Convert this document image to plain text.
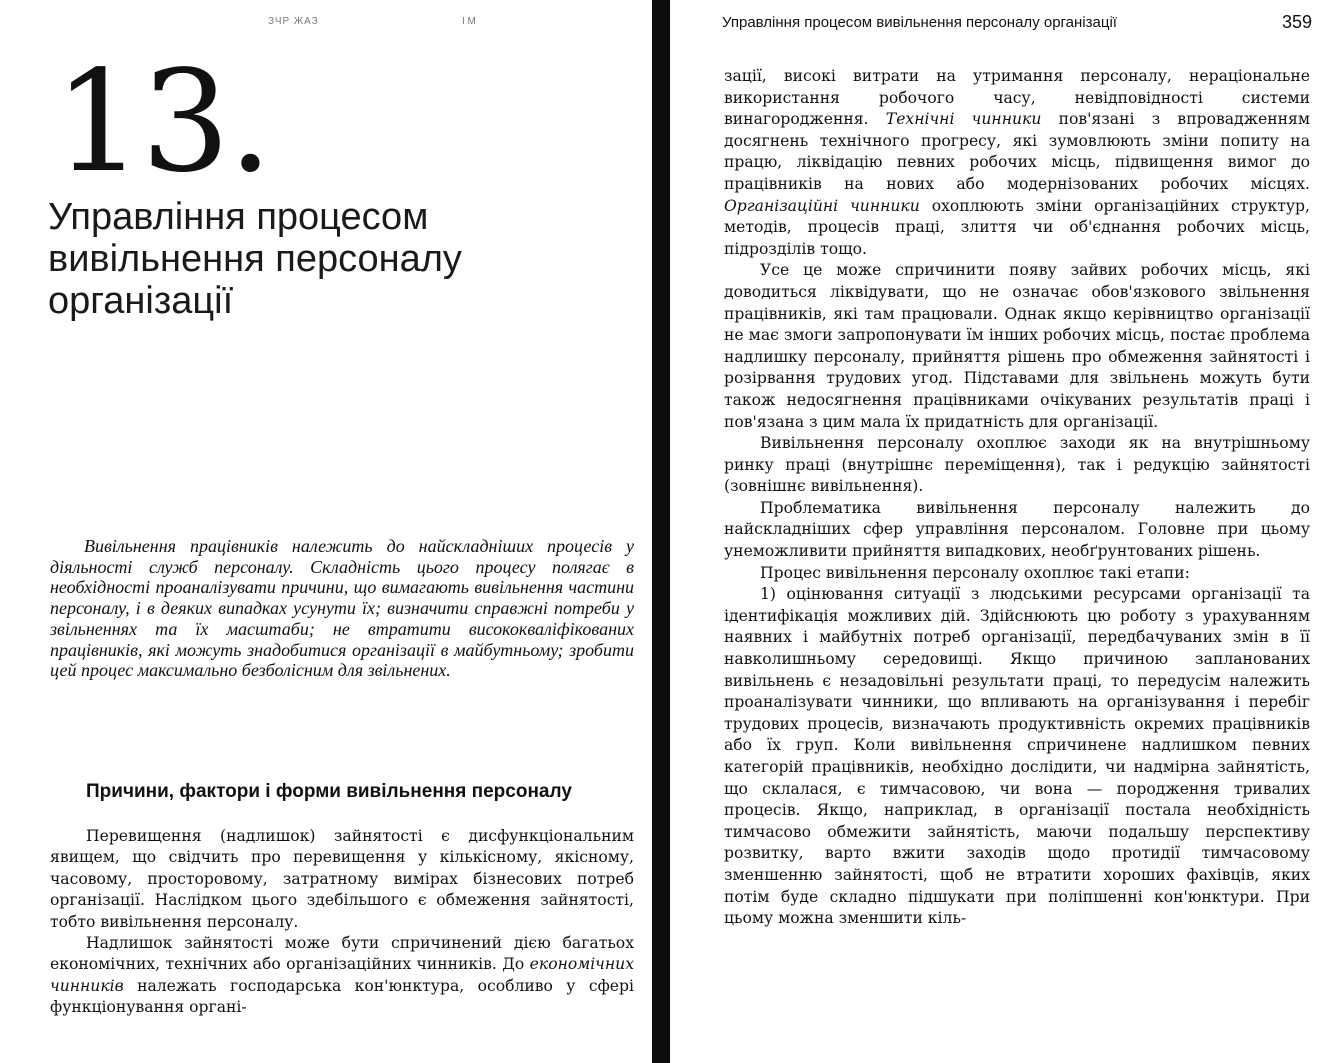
ЗЧР ЖАЗ	І М
13.
Управління процесом вивільнення персоналу організації

Вивільнення працівників належить до найскладніших процесів у діяльності служб персоналу. Складність цього процесу полягає в необхідності проаналізувати причини, що вимагають вивільнення частини персоналу, і в деяких випадках усунути їх; визначити справжні потреби у звільненнях та їх масштаби; не втратити висококваліфікованих працівників, які можуть знадобитися організації в майбутньому; зробити цей процес максимально безболісним для звільнених.

Причини, фактори і форми вивільнення персоналу

Перевищення (надлишок) зайнятості є дисфункціональним явищем, що свідчить про перевищення у кількісному, якісному, часовому, просторовому, затратному вимірах бізнесових потреб організації. Наслідком цього здебільшого є обмеження зайнятості, тобто вивільнення персоналу.

Надлишок зайнятості може бути спричинений дією багатьох економічних, технічних або організаційних чинників. До економічних чинників належать господарська кон'юнктура, особливо у сфері функціонування органі-

Управління процесом вивільнення персоналу організації	359

зації, високі витрати на утримання персоналу, нераціональне використання робочого часу, невідповідності системи винагородження. Технічні чинники пов'язані з впровадженням досягнень технічного прогресу, які зумовлюють зміни попиту на працю, ліквідацію певних робочих місць, підвищення вимог до працівників на нових або модернізованих робочих місцях. Організаційні чинники охоплюють зміни організаційних структур, методів, процесів праці, злиття чи об'єднання робочих місць, підрозділів тощо.

Усе це може спричинити появу зайвих робочих місць, які доводиться ліквідувати, що не означає обов'язкового звільнення працівників, які там працювали. Однак якщо керівництво організації не має змоги запропонувати їм інших робочих місць, постає проблема надлишку персоналу, прийняття рішень про обмеження зайнятості і розірвання трудових угод. Підставами для звільнень можуть бути також недосягнення працівниками очікуваних результатів праці і пов'язана з цим мала їх придатність для організації.

Вивільнення персоналу охоплює заходи як на внутрішньому ринку праці (внутрішнє переміщення), так і редукцію зайнятості (зовнішнє вивільнення).

Проблематика вивільнення персоналу належить до найскладніших сфер управління персоналом. Головне при цьому унеможливити прийняття випадкових, необґрунтованих рішень.

Процес вивільнення персоналу охоплює такі етапи:

1) оцінювання ситуації з людськими ресурсами організації та ідентифікація можливих дій. Здійснюють цю роботу з урахуванням наявних і майбутніх потреб організації, передбачуваних змін в її навколишньому середовищі. Якщо причиною запланованих вивільнень є незадовільні результати праці, то передусім належить проаналізувати чинники, що впливають на організування і перебіг трудових процесів, визначають продуктивність окремих працівників або їх груп. Коли вивільнення спричинене надлишком певних категорій працівників, необхідно дослідити, чи надмірна зайнятість, що склалася, є тимчасовою, чи вона — породження тривалих процесів. Якщо, наприклад, в організації постала необхідність тимчасово обмежити зайнятість, маючи подальшу перспективу розвитку, варто вжити заходів щодо протидії тимчасовому зменшенню зайнятості, щоб не втратити хороших фахівців, яких потім буде складно підшукати при поліпшенні кон'юнктури. При цьому можна зменшити кіль-
